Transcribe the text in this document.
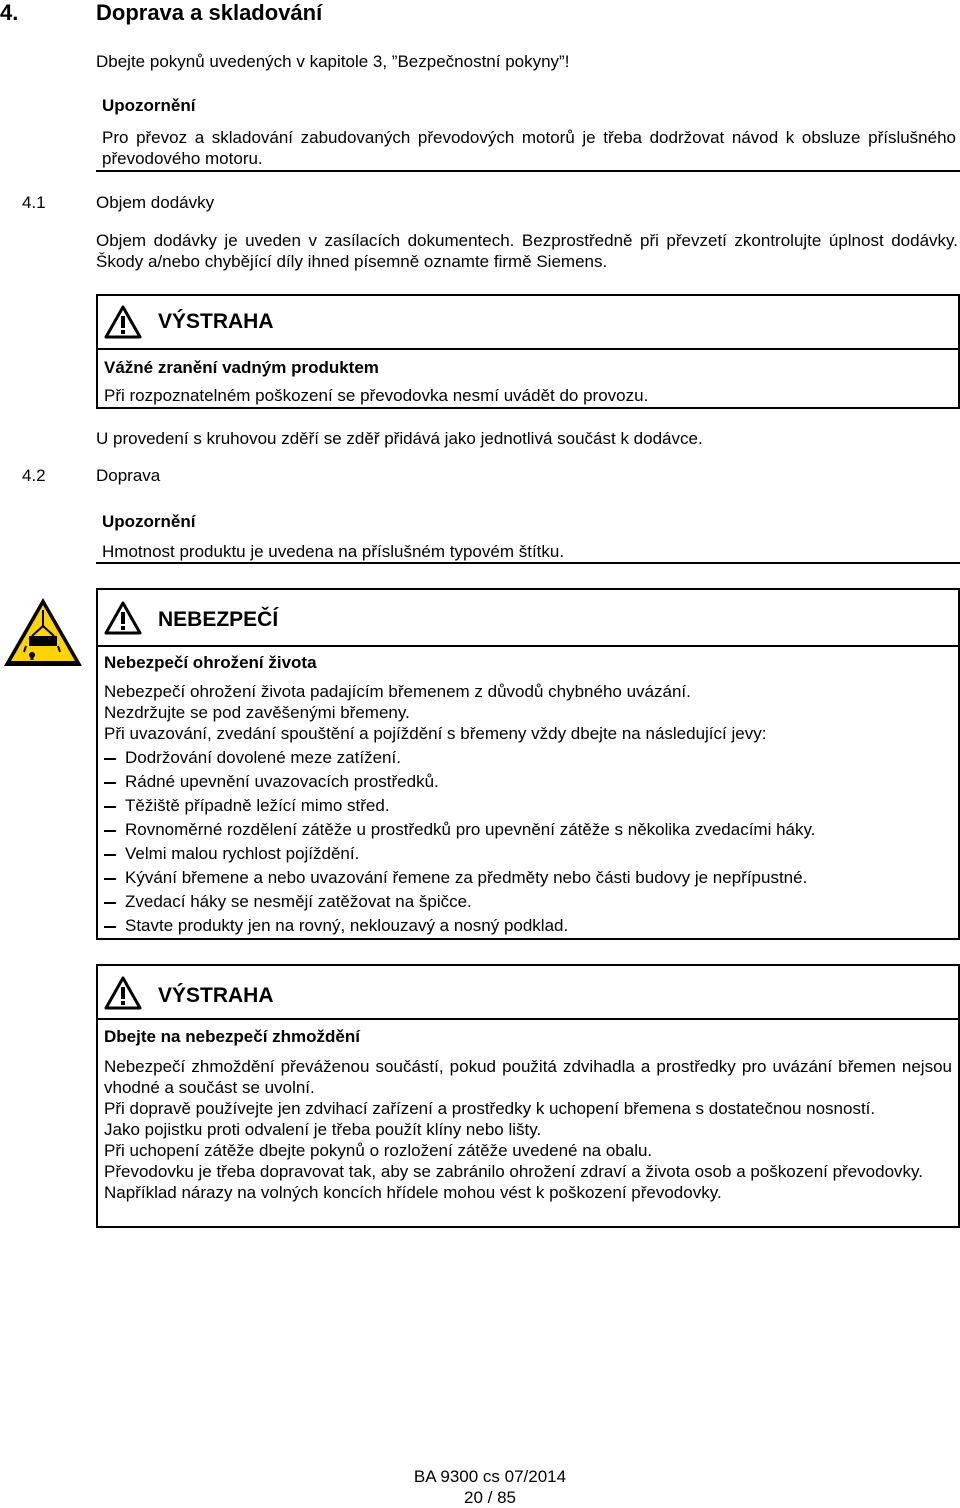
4.	Doprava a skladování
Dbejte pokynů uvedených v kapitole 3, ”Bezpečnostní pokyny”!
Upozornění
Pro převoz a skladování zabudovaných převodových motorů je třeba dodržovat návod k obsluze příslušného převodového motoru.
4.1	Objem dodávky
Objem dodávky je uveden v zasílacích dokumentech. Bezprostředně při převzetí zkontrolujte úplnost dodávky. Škody a/nebo chybějící díly ihned písemně oznamte firmě Siemens.
VÝSTRAHA
Vážné zranění vadným produktem
Při rozpoznatelném poškození se převodovka nesmí uvádět do provozu.
U provedení s kruhovou zděří se zděř přidává jako jednotlivá součást k dodávce.
4.2	Doprava
Upozornění
Hmotnost produktu je uvedena na příslušném typovém štítku.
NEBEZPEČÍ
Nebezpečí ohrožení života
Nebezpečí ohrožení života padajícím břemenem z důvodů chybného uvázání.
Nezdržujte se pod zavěšenými břemeny.
Při uvazování, zvedání spouštění a pojíždění s břemeny vždy dbejte na následující jevy:
Dodržování dovolené meze zatížení.
Rádné upevnění uvazovacích prostředků.
Těžiště případně ležící mimo střed.
Rovnoměrné rozdělení zátěže u prostředků pro upevnění zátěže s několika zvedacími háky.
Velmi malou rychlost pojíždění.
Kývání břemene a nebo uvazování řemene za předměty nebo části budovy je nepřípustné.
Zvedací háky se nesmějí zatěžovat na špičce.
Stavte produkty jen na rovný, neklouzavý a nosný podklad.
VÝSTRAHA
Dbejte na nebezpečí zhmoždění
Nebezpečí zhmoždění převáženou součástí, pokud použitá zdvihadla a prostředky pro uvázání břemen nejsou vhodné a součást se uvolní.
Při dopravě používejte jen zdvihací zařízení a prostředky k uchopení břemena s dostatečnou nosností.
Jako pojistku proti odvalení je třeba použít klíny nebo lišty.
Při uchopení zátěže dbejte pokynů o rozložení zátěže uvedené na obalu.
Převodovku je třeba dopravovat tak, aby se zabránilo ohrožení zdraví a života osob a poškození převodovky.
Například nárazy na volných koncích hřídele mohou vést k poškození převodovky.
BA 9300 cs 07/2014
20 / 85
